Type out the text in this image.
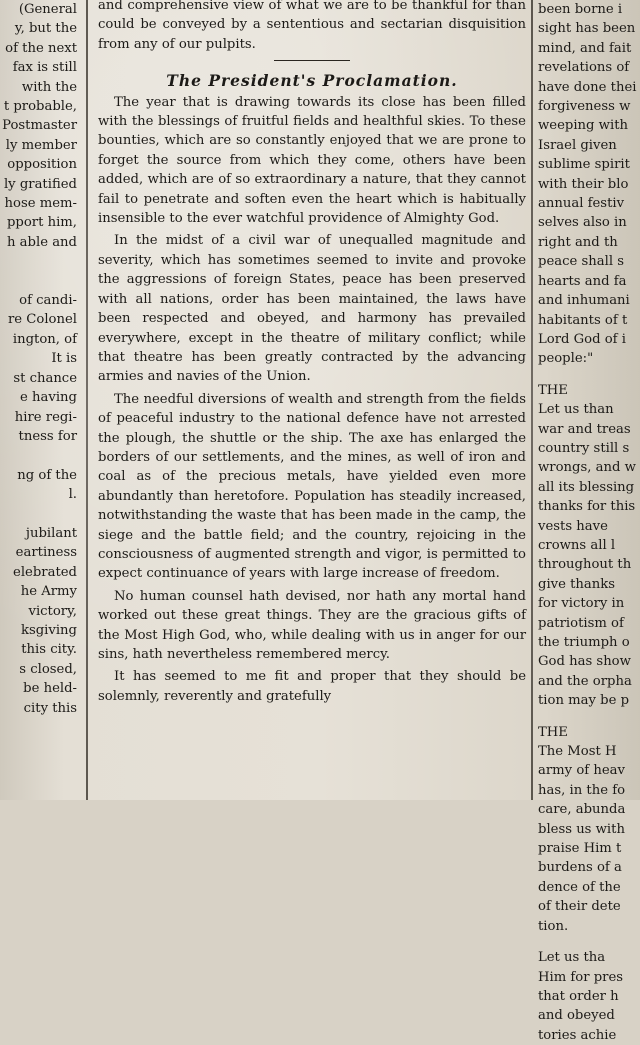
(General
y, but the
of the next
fax is still
with the
t probable,
Postmaster
ly member
opposition
ly gratified
hose mem-
pport him,
h able and
of candi-
re Colonel
ington, of
It is
st chance
e having
hire regi-
tness for
ng of the
l.
jubilant
eartiness
elebrated
he Army
victory,
ksgiving
this city.
s closed,
be held-
city this

and comprehensive view of what we are to be thankful for than could be conveyed by a sententious and sectarian disquisition from any of our pulpits.

The President's Proclamation.

The year that is drawing towards its close has been filled with the blessings of fruitful fields and healthful skies. To these bounties, which are so constantly enjoyed that we are prone to forget the source from which they come, others have been added, which are of so extraordinary a nature, that they cannot fail to penetrate and soften even the heart which is habitually insensible to the ever watchful providence of Almighty God.

In the midst of a civil war of unequalled magnitude and severity, which has sometimes seemed to invite and provoke the aggressions of foreign States, peace has been preserved with all nations, order has been maintained, the laws have been respected and obeyed, and harmony has prevailed everywhere, except in the theatre of military conflict; while that theatre has been greatly contracted by the advancing armies and navies of the Union.

The needful diversions of wealth and strength from the fields of peaceful industry to the national defence have not arrested the plough, the shuttle or the ship. The axe has enlarged the borders of our settlements, and the mines, as well of iron and coal as of the precious metals, have yielded even more abundantly than heretofore. Population has steadily increased, notwithstanding the waste that has been made in the camp, the siege and the battle field; and the country, rejoicing in the consciousness of augmented strength and vigor, is permitted to expect continuance of years with large increase of freedom.

No human counsel hath devised, nor hath any mortal hand worked out these great things. They are the gracious gifts of the Most High God, who, while dealing with us in anger for our sins, hath nevertheless remembered mercy.

It has seemed to me fit and proper that they should be solemnly, reverently and gratefully

been borne i
sight has been
mind, and fait
revelations of
have done thei
forgiveness w
weeping with
Israel given
sublime spirit
with their blo
annual festiv
selves also in
right and th
peace shall s
hearts and fa
and inhumani
habitants of t
Lord God of i
people:"
THE
Let us than
war and treas
country still s
wrongs, and w
all its blessing
thanks for this
vests have
crowns all l
throughout th
give thanks
for victory in
patriotism of
the triumph o
God has show
and the orpha
tion may be p
THE
The Most H
army of heav
has, in the fo
care, abunda
bless us with
praise Him t
burdens of a
dence of the
of their dete
tion.
Let us tha
Him for pres
that order h
and obeyed
tories achie
